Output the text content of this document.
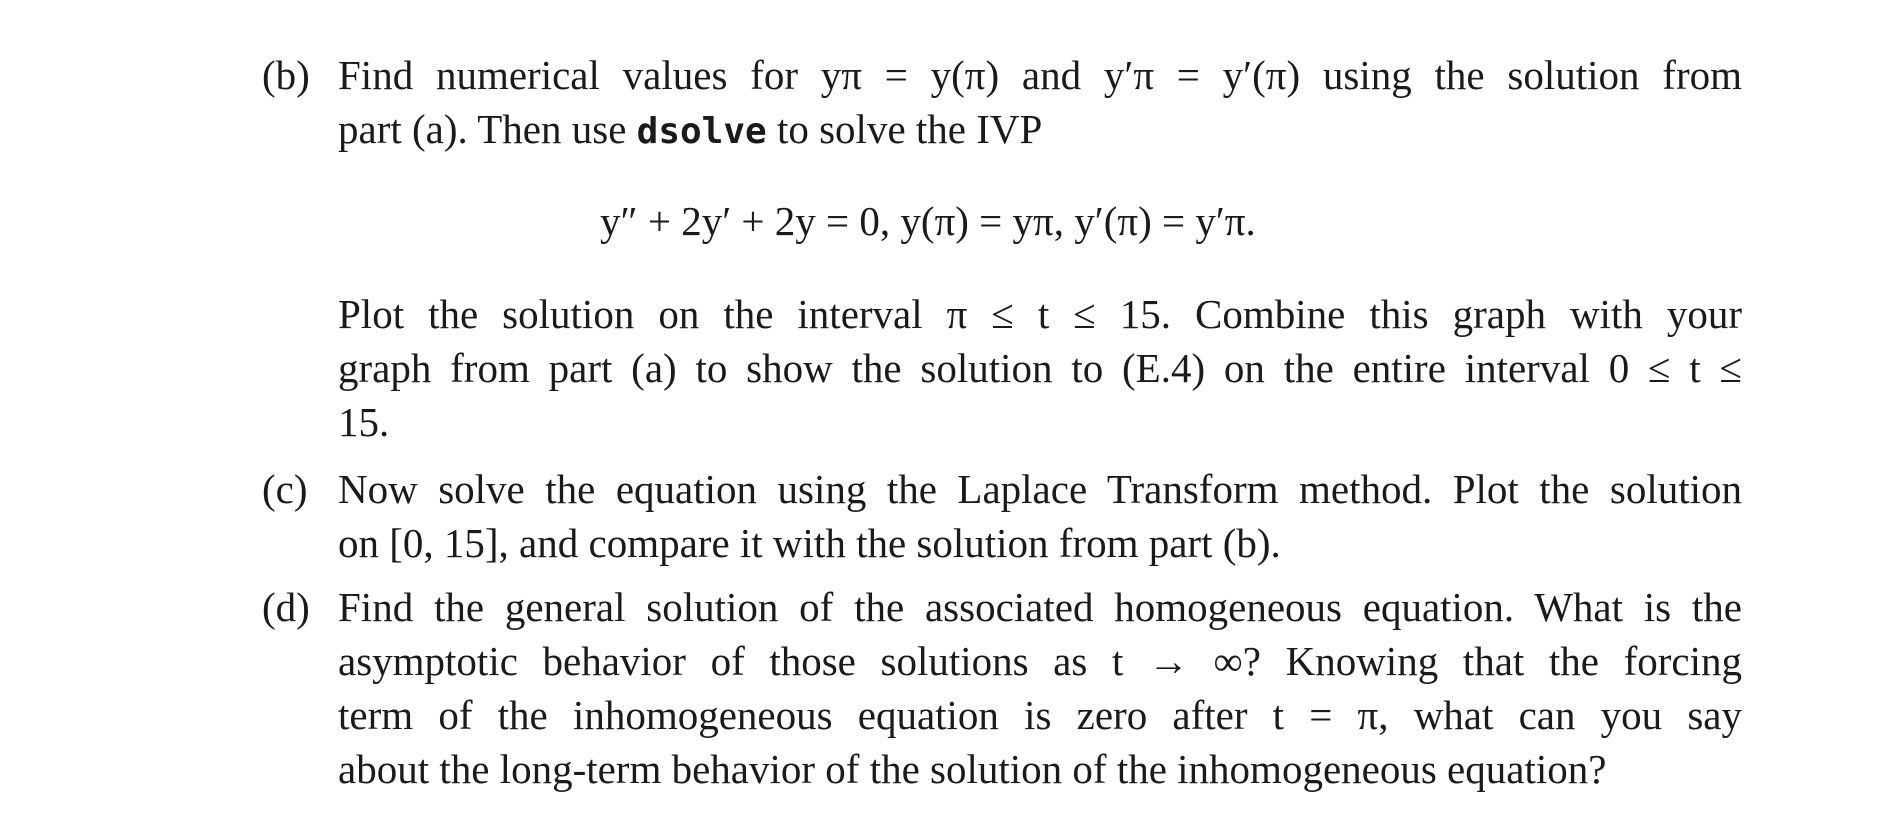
(b) Find numerical values for yπ = y(π) and y′π = y′(π) using the solution from
part (a). Then use dsolve to solve the IVP
y″ + 2y′ + 2y = 0, y(π) = yπ, y′(π) = y′π.
Plot the solution on the interval π ≤ t ≤ 15. Combine this graph with your
graph from part (a) to show the solution to (E.4) on the entire interval 0 ≤ t ≤
15.
(c) Now solve the equation using the Laplace Transform method. Plot the solution
on [0, 15], and compare it with the solution from part (b).
(d) Find the general solution of the associated homogeneous equation. What is the
asymptotic behavior of those solutions as t → ∞? Knowing that the forcing
term of the inhomogeneous equation is zero after t = π, what can you say
about the long-term behavior of the solution of the inhomogeneous equation?
